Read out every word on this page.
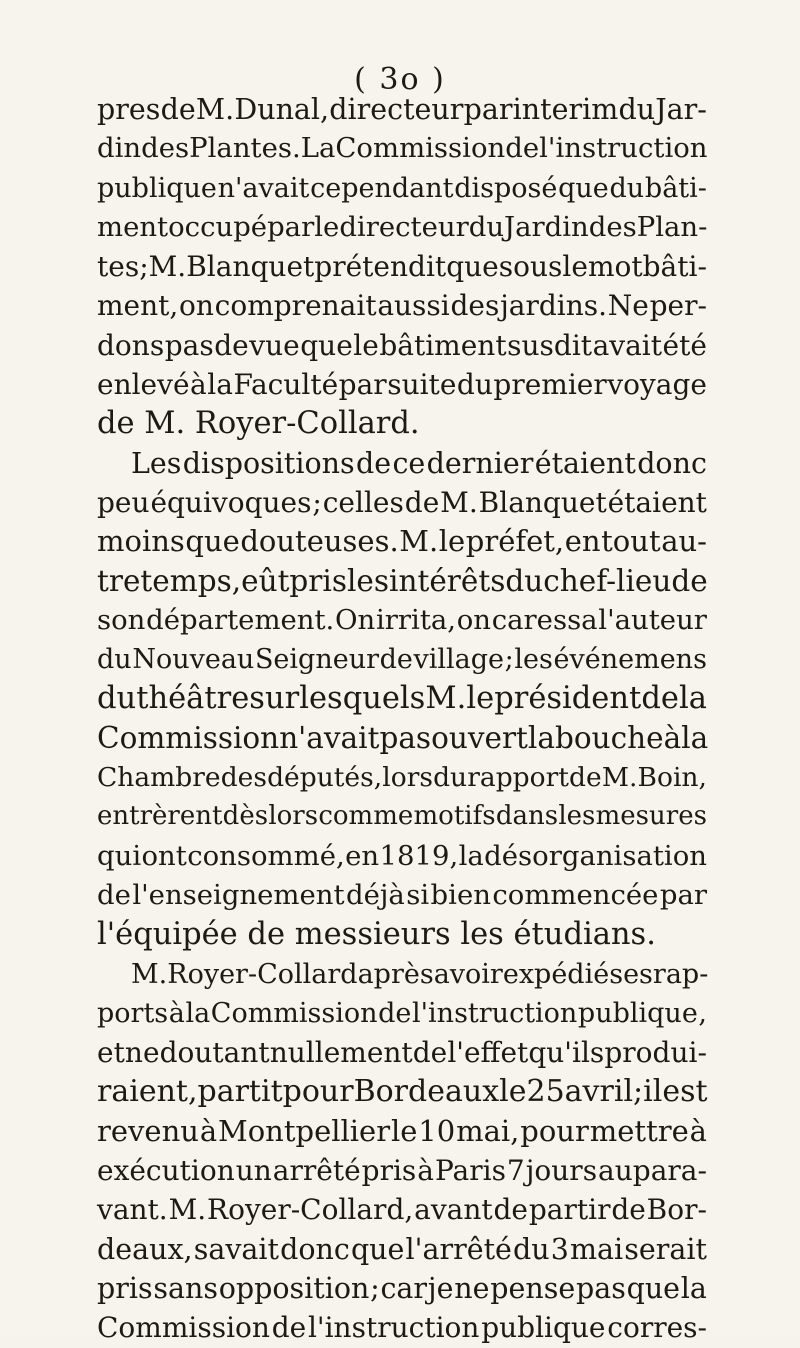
( 3o )
pres de M. Dunal, directeur par interim du Jar-
din des Plantes. La Commission de l'instruction
publique n'avait cependant disposé que du bâti-
ment occupé par le directeur du Jardin des Plan-
tes; M. Blanquet prétendit que sous le mot bâti-
ment, on comprenait aussi des jardins. Ne per-
dons pas de vue que le bâtiment susdit avait été
enlevé à la Faculté par suite du premier voyage
de M. Royer-Collard.
Les dispositions de ce dernier étaient donc
peu équivoques ; celles de M. Blanquet étaient
moins que douteuses. M. le préfet, en tout au-
tre temps, eût pris les intérêts du chef-lieu de
son département. On irrita, on caressa l'auteur
du Nouveau Seigneur de village ; les événemens
du théâtre sur lesquels M. le président de la
Commission n'avait pas ouvert la bouche à la
Chambre des députés, lors du rapport de M. Boin,
entrèrent dès lors comme motifs dans les mesures
qui ont consommé, en 1819, la désorganisation
de l'enseignement déjà si bien commencée par
l'équipée de messieurs les étudians.
M. Royer-Collard après avoir expédié ses rap-
ports à la Commission de l'instruction publique ,
et ne doutant nullement de l'effet qu'ils produi-
raient, partit pour Bordeaux le 25 avril ; il est
revenu à Montpellier le 10 mai, pour mettre à
exécution un arrêté pris à Paris 7 jours aupara-
vant. M. Royer-Collard, avant de partir de Bor-
deaux, savait donc que l'arrêté du 3 mai serait
pris sans opposition ; car je ne pense pas que la
Commission de l'instruction publique corres-
